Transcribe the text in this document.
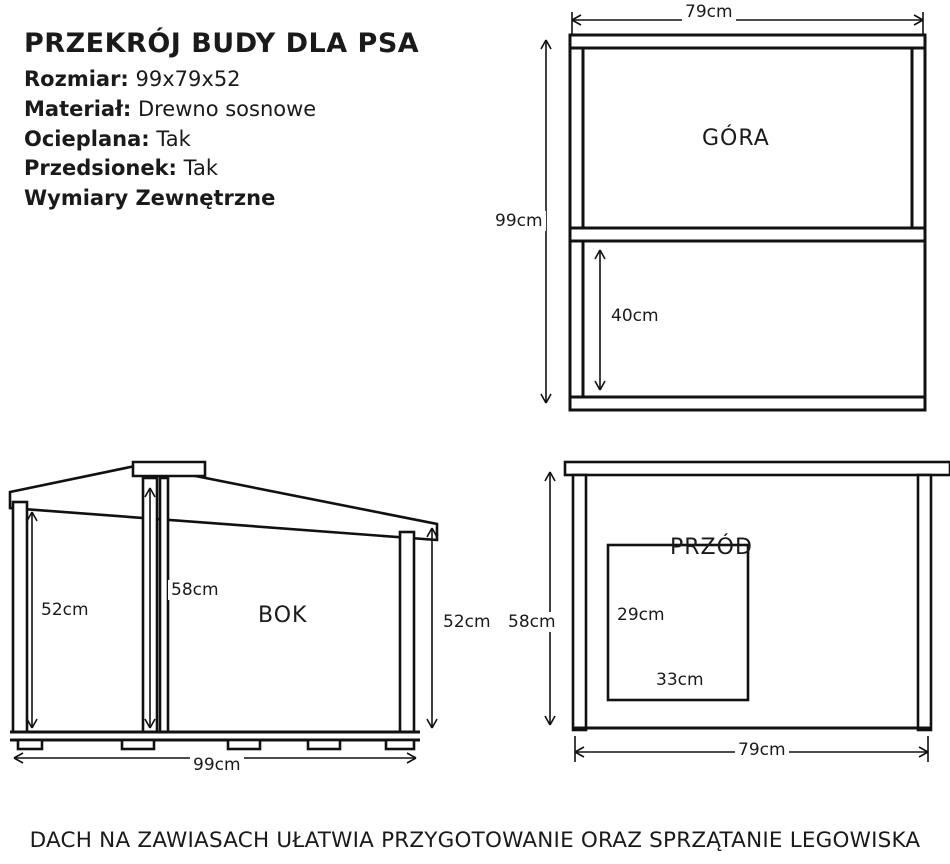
PRZEKRÓJ BUDY DLA PSA
Rozmiar: 99x79x52
Materiał: Drewno sosnowe
Ocieplana: Tak
Przedsionek: Tak
Wymiary Zewnętrzne
GÓRA
79cm
99cm
40cm
BOK
52cm
58cm
52cm
99cm
PRZÓD
58cm
79cm
29cm
33cm
DACH NA ZAWIASACH UŁATWIA PRZYGOTOWANIE ORAZ SPRZĄTANIE LEGOWISKA
